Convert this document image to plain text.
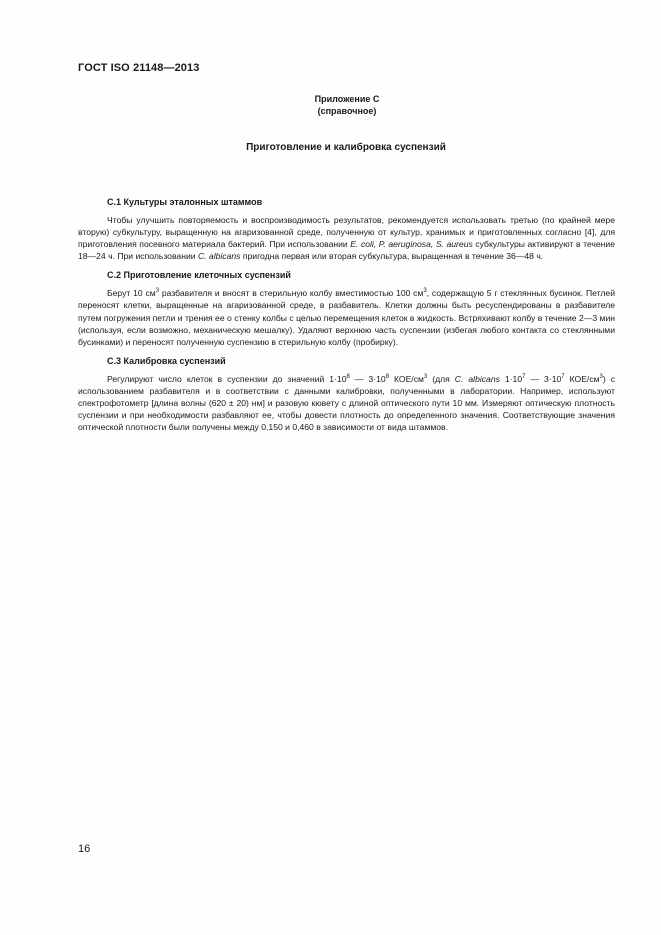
ГОСТ ISO 21148—2013
Приложение С
(справочное)
Приготовление и калибровка суспензий
С.1 Культуры эталонных штаммов
Чтобы улучшить повторяемость и воспроизводимость результатов, рекомендуется использовать третью (по крайней мере вторую) субкультуру, выращенную на агаризованной среде, полученную от культур, хранимых и приготовленных согласно [4], для приготовления посевного материала бактерий. При использовании E. coli, P. aeruginosa, S. aureus субкультуры активируют в течение 18—24 ч. При использовании C. albicans пригодна первая или вторая субкультура, выращенная в течение 36—48 ч.
С.2 Приготовление клеточных суспензий
Берут 10 $см^3$ разбавителя и вносят в стерильную колбу вместимостью 100 $см^3$, содержащую 5 г стеклянных бусинок. Петлей переносят клетки, выращенные на агаризованной среде, в разбавитель. Клетки должны быть ресуспендированы в разбавителе путем погружения петли и трения ее о стенку колбы с целью перемещения клеток в жидкость. Встряхивают колбу в течение 2—3 мин (используя, если возможно, механическую мешалку). Удаляют верхнюю часть суспензии (избегая любого контакта со стеклянными бусинками) и переносят полученную суспензию в стерильную колбу (пробирку).
С.3 Калибровка суспензий
Регулируют число клеток в суспензии до значений $1\cdot 10^8$ — $3\cdot 10^8$ КОЕ/$см^3$ (для C. albicans $1\cdot 10^7$ — $3\cdot 10^7$ КОЕ/$см^3$) с использованием разбавителя и в соответствии с данными калибровки, полученными в лаборатории. Например, используют спектрофотометр [длина волны (620 ± 20) нм] и разовую кювету с длиной оптического пути 10 мм. Измеряют оптическую плотность суспензии и при необходимости разбавляют ее, чтобы довести плотность до определенного значения. Соответствующие значения оптической плотности были получены между 0,150 и 0,460 в зависимости от вида штаммов.
16
